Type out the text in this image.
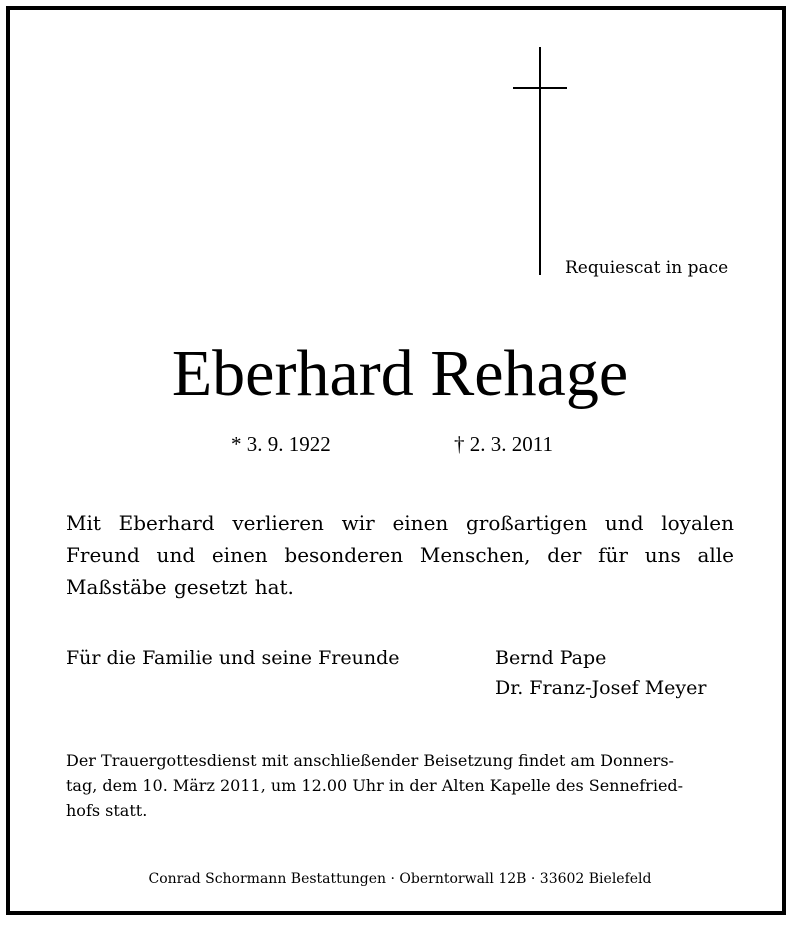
Requiescat in pace
Eberhard Rehage
* 3. 9. 1922	† 2. 3. 2011
Mit Eberhard verlieren wir einen großartigen und loyalen Freund und einen besonderen Menschen, der für uns alle Maßstäbe gesetzt hat.
Für die Familie und seine Freunde	Bernd Pape
Dr. Franz-Josef Meyer
Der Trauergottesdienst mit anschließender Beisetzung findet am Donners-
tag, dem 10. März 2011, um 12.00 Uhr in der Alten Kapelle des Sennefried-
hofs statt.
Conrad Schormann Bestattungen · Oberntorwall 12B · 33602 Bielefeld
